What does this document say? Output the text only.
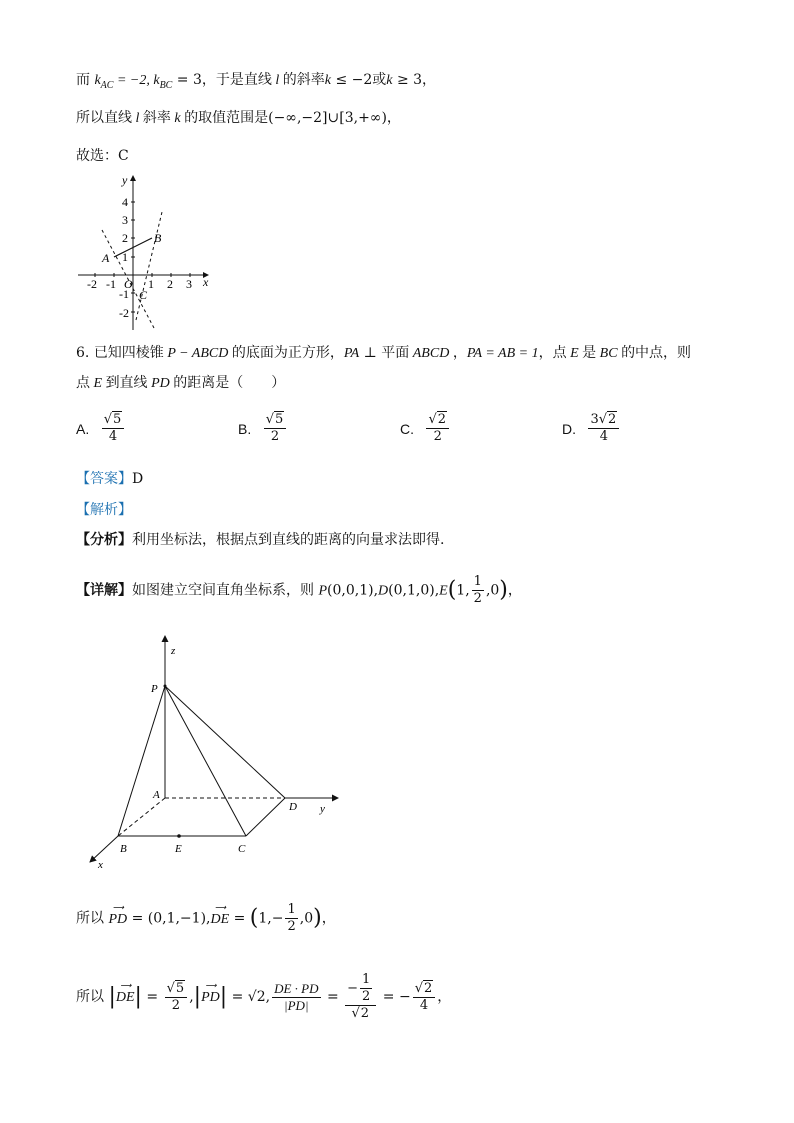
而 $k_{AC} = -2$, $k_{BC} = 3$，于是直线 l 的斜率k ≤ −2或k ≥ 3，
所以直线 l 斜率 k 的取值范围是(−∞,−2]∪[3,+∞)，
故选：C
y
x
4
3
2
1
-1
-2
-2 -1	1 2 3
O
A
B
C
6. 已知四棱锥 P − ABCD 的底面为正方形，PA ⊥ 平面 ABCD ，PA = AB = 1，点 E 是 BC 的中点，则
点 E 到直线 PD 的距离是（　　）
A. $\frac{√5}{4}$	B. $\frac{√5}{2}$	C. $\frac{√2}{2}$	D. $\frac{3√2}{4}$
【答案】D
【解析】
【分析】利用坐标法，根据点到直线的距离的向量求法即得.
【详解】如图建立空间直角坐标系，则 P(0,0,1),D(0,1,0),E(1, $\frac{1}{2} ,0$)，
z
y
x
P
A
B	E	C
D
所以
⟶
PD = (0,1,−1),
⟶
DE = $(1,- \frac{1}{2} ,0)$，
所以 | ⟶
$DE| = \frac{√5}{2}$ ,| ⟶
PD| = √2, $\frac{DE \cdot PD}{|PD|} = \frac{- \frac{1}{2}}{√2}$ = − $\frac{√2}{4}$ ，
